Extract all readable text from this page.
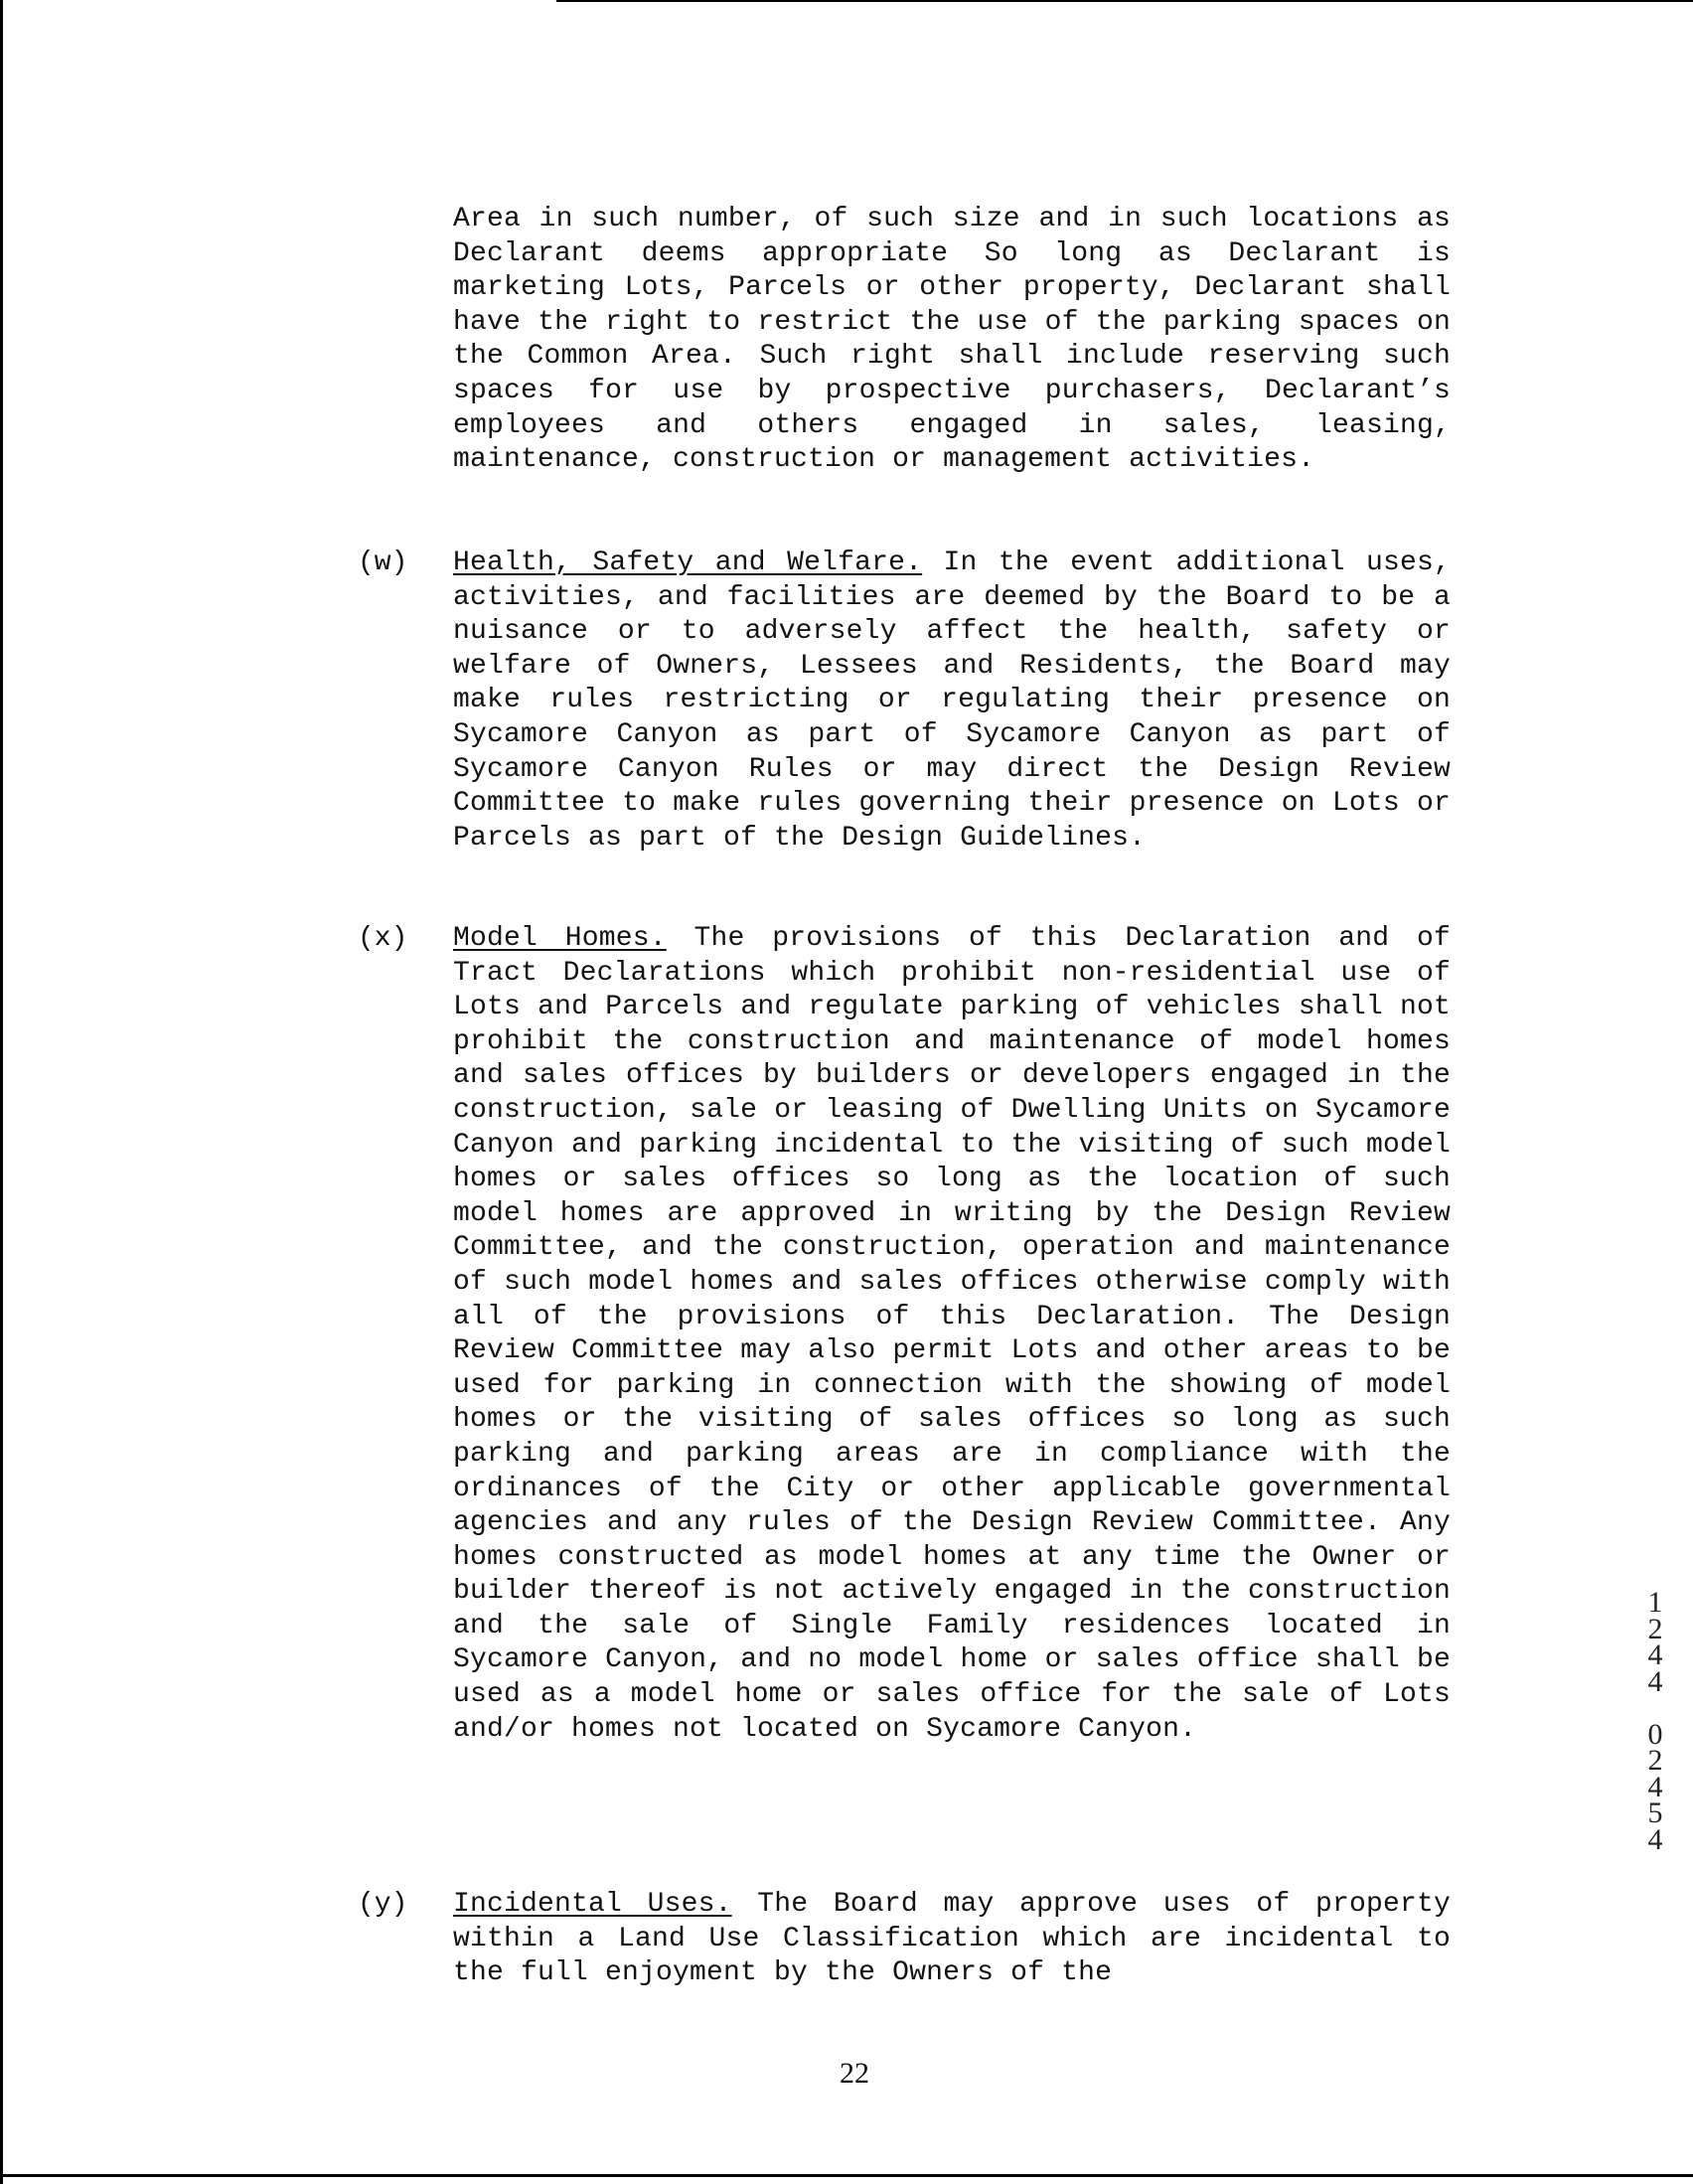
Area in such number, of such size and in such locations as Declarant deems appropriate So long as Declarant is marketing Lots, Parcels or other property, Declarant shall have the right to restrict the use of the parking spaces on the Common Area. Such right shall include reserving such spaces for use by prospective purchasers, Declarant’s employees and others engaged in sales, leasing, maintenance, construction or management activities.

(w) Health, Safety and Welfare. In the event additional uses, activities, and facilities are deemed by the Board to be a nuisance or to adversely affect the health, safety or welfare of Owners, Lessees and Residents, the Board may make rules restricting or regulating their presence on Sycamore Canyon as part of Sycamore Canyon as part of Sycamore Canyon Rules or may direct the Design Review Committee to make rules governing their presence on Lots or Parcels as part of the Design Guidelines.

(x) Model Homes. The provisions of this Declaration and of Tract Declarations which prohibit non-residential use of Lots and Parcels and regulate parking of vehicles shall not prohibit the construction and maintenance of model homes and sales offices by builders or developers engaged in the construction, sale or leasing of Dwelling Units on Sycamore Canyon and parking incidental to the visiting of such model homes or sales offices so long as the location of such model homes are approved in writing by the Design Review Committee, and the construction, operation and maintenance of such model homes and sales offices otherwise comply with all of the provisions of this Declaration. The Design Review Committee may also permit Lots and other areas to be used for parking in connection with the showing of model homes or the visiting of sales offices so long as such parking and parking areas are in compliance with the ordinances of the City or other applicable governmental agencies and any rules of the Design Review Committee. Any homes constructed as model homes at any time the Owner or builder thereof is not actively engaged in the construction and the sale of Single Family residences located in Sycamore Canyon, and no model home or sales office shall be used as a model home or sales office for the sale of Lots and/or homes not located on Sycamore Canyon.

(y) Incidental Uses. The Board may approve uses of property within a Land Use Classification which are incidental to the full enjoyment by the Owners of the

22
1
2
4
4

0
2
4
5
4
